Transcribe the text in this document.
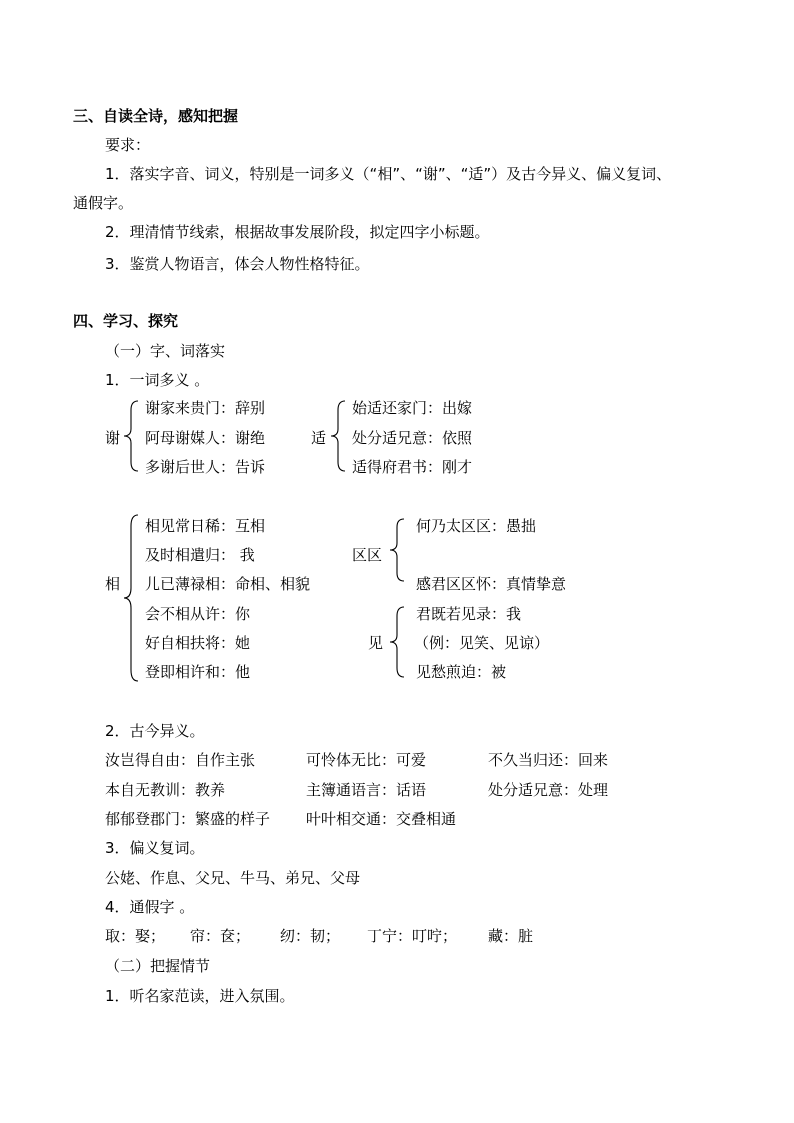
三、自读全诗，感知把握
要求：
1．落实字音、词义，特别是一词多义（“相”、“谢”、“适”）及古今异义、偏义复词、
通假字。
2．理清情节线索，根据故事发展阶段，拟定四字小标题。
3．鉴赏人物语言，体会人物性格特征。
四、学习、探究
（一）字、词落实
1．一词多义 。
谢
谢家来贵门：辞别
阿母谢媒人：谢绝
多谢后世人：告诉
适
始适还家门：出嫁
处分适兄意：依照
适得府君书：刚才
相
相见常日稀：互相
及时相遣归： 我
儿已薄禄相：命相、相貌
会不相从许：你
好自相扶将：她
登即相许和：他
区区
何乃太区区：愚拙
感君区区怀：真情挚意
见
君既若见录：我
（例：见笑、见谅）
见愁煎迫：被
2．古今异义。
汝岂得自由：自作主张	可怜体无比：可爱	不久当归还：回来
本自无教训：教养	主簿通语言：话语	处分适兄意：处理
郁郁登郡门：繁盛的样子 叶叶相交通：交叠相通
3．偏义复词。
公姥、作息、父兄、牛马、弟兄、父母
4．通假字 。
取：娶； 帘：奁； 纫：韧； 丁宁：叮咛； 藏：脏
（二）把握情节
1．听名家范读，进入氛围。
